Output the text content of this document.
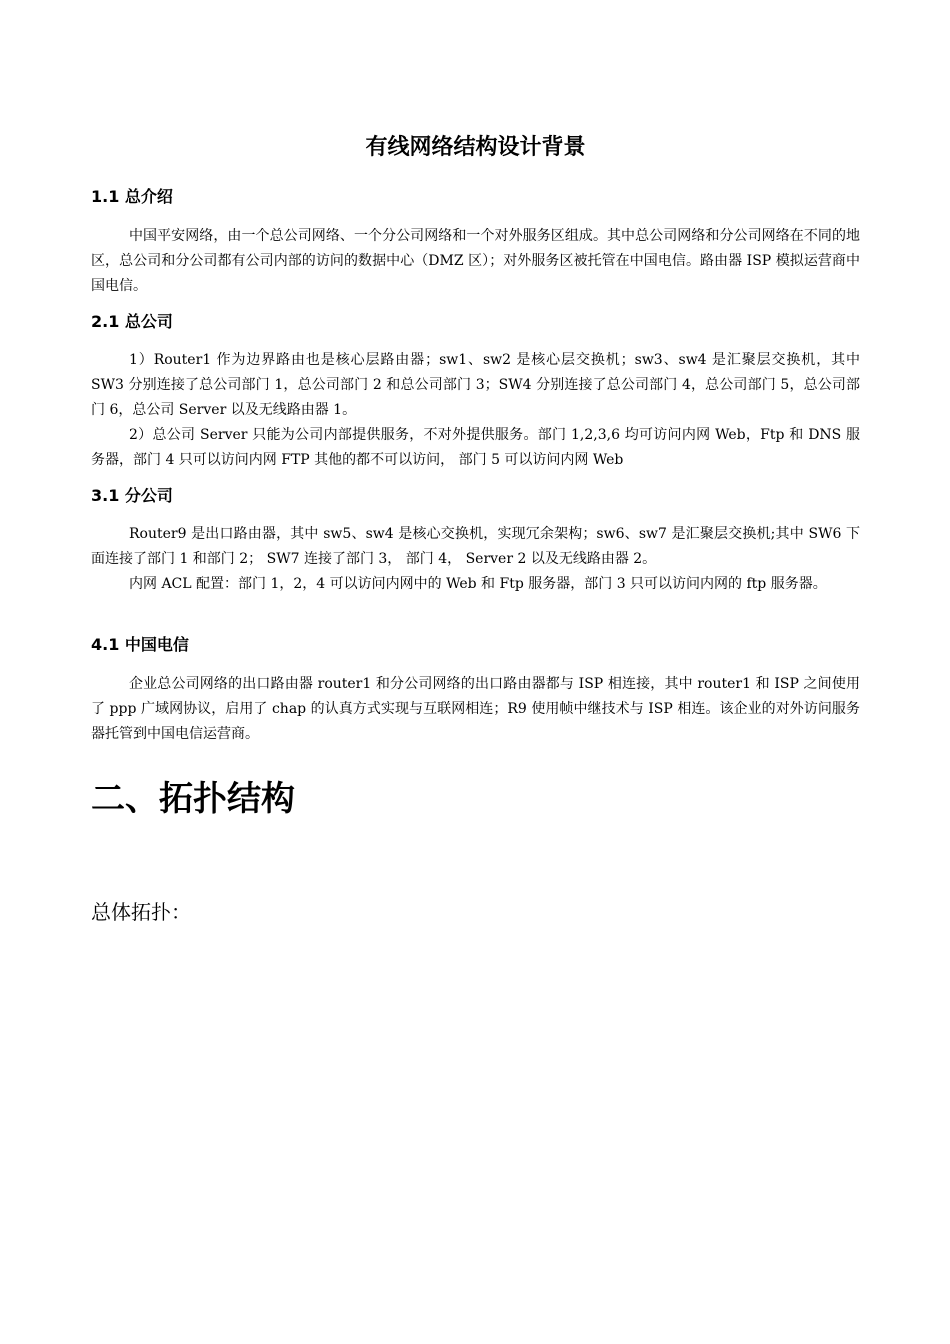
有线网络结构设计背景
1.1 总介绍
中国平安网络，由一个总公司网络、一个分公司网络和一个对外服务区组成。其中总公司网络和分公司网络在不同的地区，总公司和分公司都有公司内部的访问的数据中心（DMZ 区）；对外服务区被托管在中国电信。路由器 ISP 模拟运营商中国电信。
2.1 总公司
1）Router1 作为边界路由也是核心层路由器；sw1、sw2 是核心层交换机；sw3、sw4 是汇聚层交换机，其中 SW3 分别连接了总公司部门 1，总公司部门 2 和总公司部门 3；SW4 分别连接了总公司部门 4，总公司部门 5，总公司部门 6，总公司 Server 以及无线路由器 1。
2）总公司 Server 只能为公司内部提供服务，不对外提供服务。部门 1,2,3,6 均可访问内网 Web，Ftp 和 DNS 服务器，部门 4 只可以访问内网 FTP 其他的都不可以访问， 部门 5 可以访问内网 Web
3.1 分公司
Router9 是出口路由器，其中 sw5、sw4 是核心交换机，实现冗余架构；sw6、sw7 是汇聚层交换机;其中 SW6 下面连接了部门 1 和部门 2； SW7 连接了部门 3， 部门 4， Server 2 以及无线路由器 2。
内网 ACL 配置：部门 1，2，4 可以访问内网中的 Web 和 Ftp 服务器，部门 3 只可以访问内网的 ftp 服务器。
4.1 中国电信
企业总公司网络的出口路由器 router1 和分公司网络的出口路由器都与 ISP 相连接，其中 router1 和 ISP 之间使用了 ppp 广域网协议，启用了 chap 的认真方式实现与互联网相连；R9 使用帧中继技术与 ISP 相连。该企业的对外访问服务器托管到中国电信运营商。
二、拓扑结构
总体拓扑：
